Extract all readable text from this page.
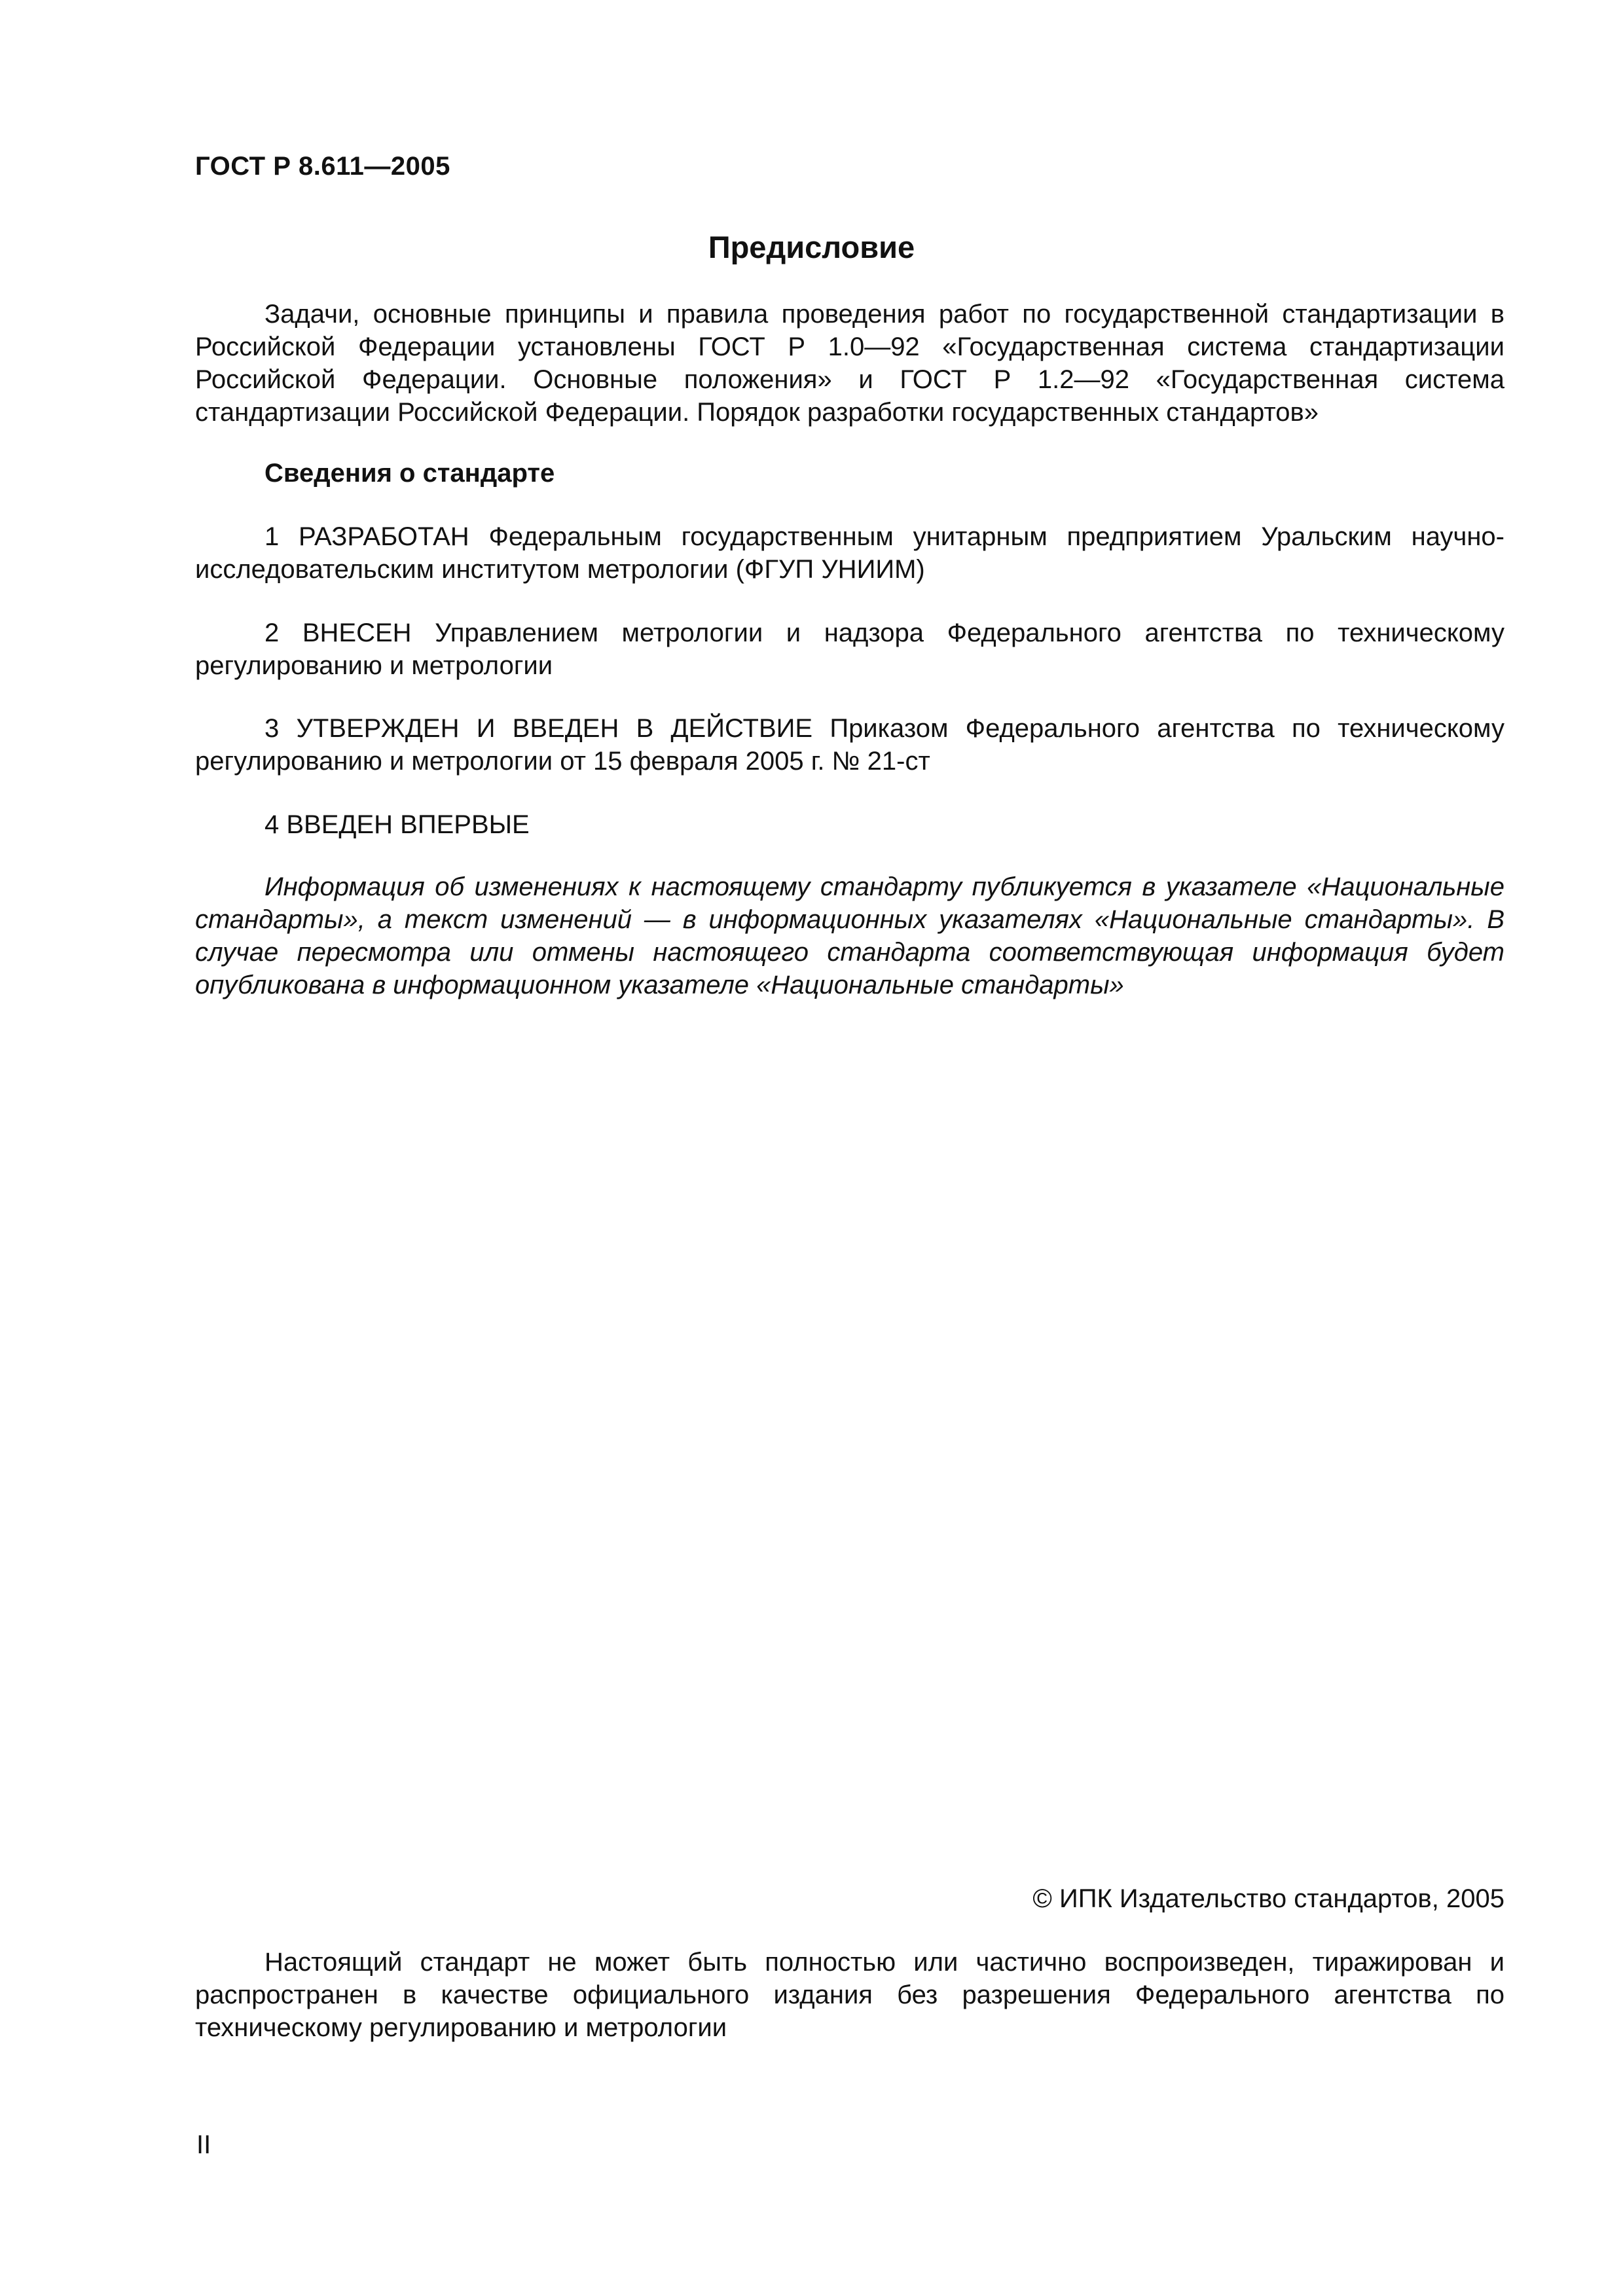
ГОСТ Р 8.611—2005
Предисловие

Задачи, основные принципы и правила проведения работ по государственной стандартизации в Российской Федерации установлены ГОСТ Р 1.0—92 «Государственная система стандартизации Российской Федерации. Основные положения» и ГОСТ Р 1.2—92 «Государственная система стандартизации Российской Федерации. Порядок разработки государственных стандартов»

Сведения о стандарте

1 РАЗРАБОТАН Федеральным государственным унитарным предприятием Уральским научно-исследовательским институтом метрологии (ФГУП УНИИМ)

2 ВНЕСЕН Управлением метрологии и надзора Федерального агентства по техническому регулированию и метрологии

3 УТВЕРЖДЕН И ВВЕДЕН В ДЕЙСТВИЕ Приказом Федерального агентства по техническому регулированию и метрологии от 15 февраля 2005 г. № 21-ст

4 ВВЕДЕН ВПЕРВЫЕ

Информация об изменениях к настоящему стандарту публикуется в указателе «Национальные стандарты», а текст изменений — в информационных указателях «Национальные стандарты». В случае пересмотра или отмены настоящего стандарта соответствующая информация будет опубликована в информационном указателе «Национальные стандарты»

© ИПК Издательство стандартов, 2005

Настоящий стандарт не может быть полностью или частично воспроизведен, тиражирован и распространен в качестве официального издания без разрешения Федерального агентства по техническому регулированию и метрологии

II
